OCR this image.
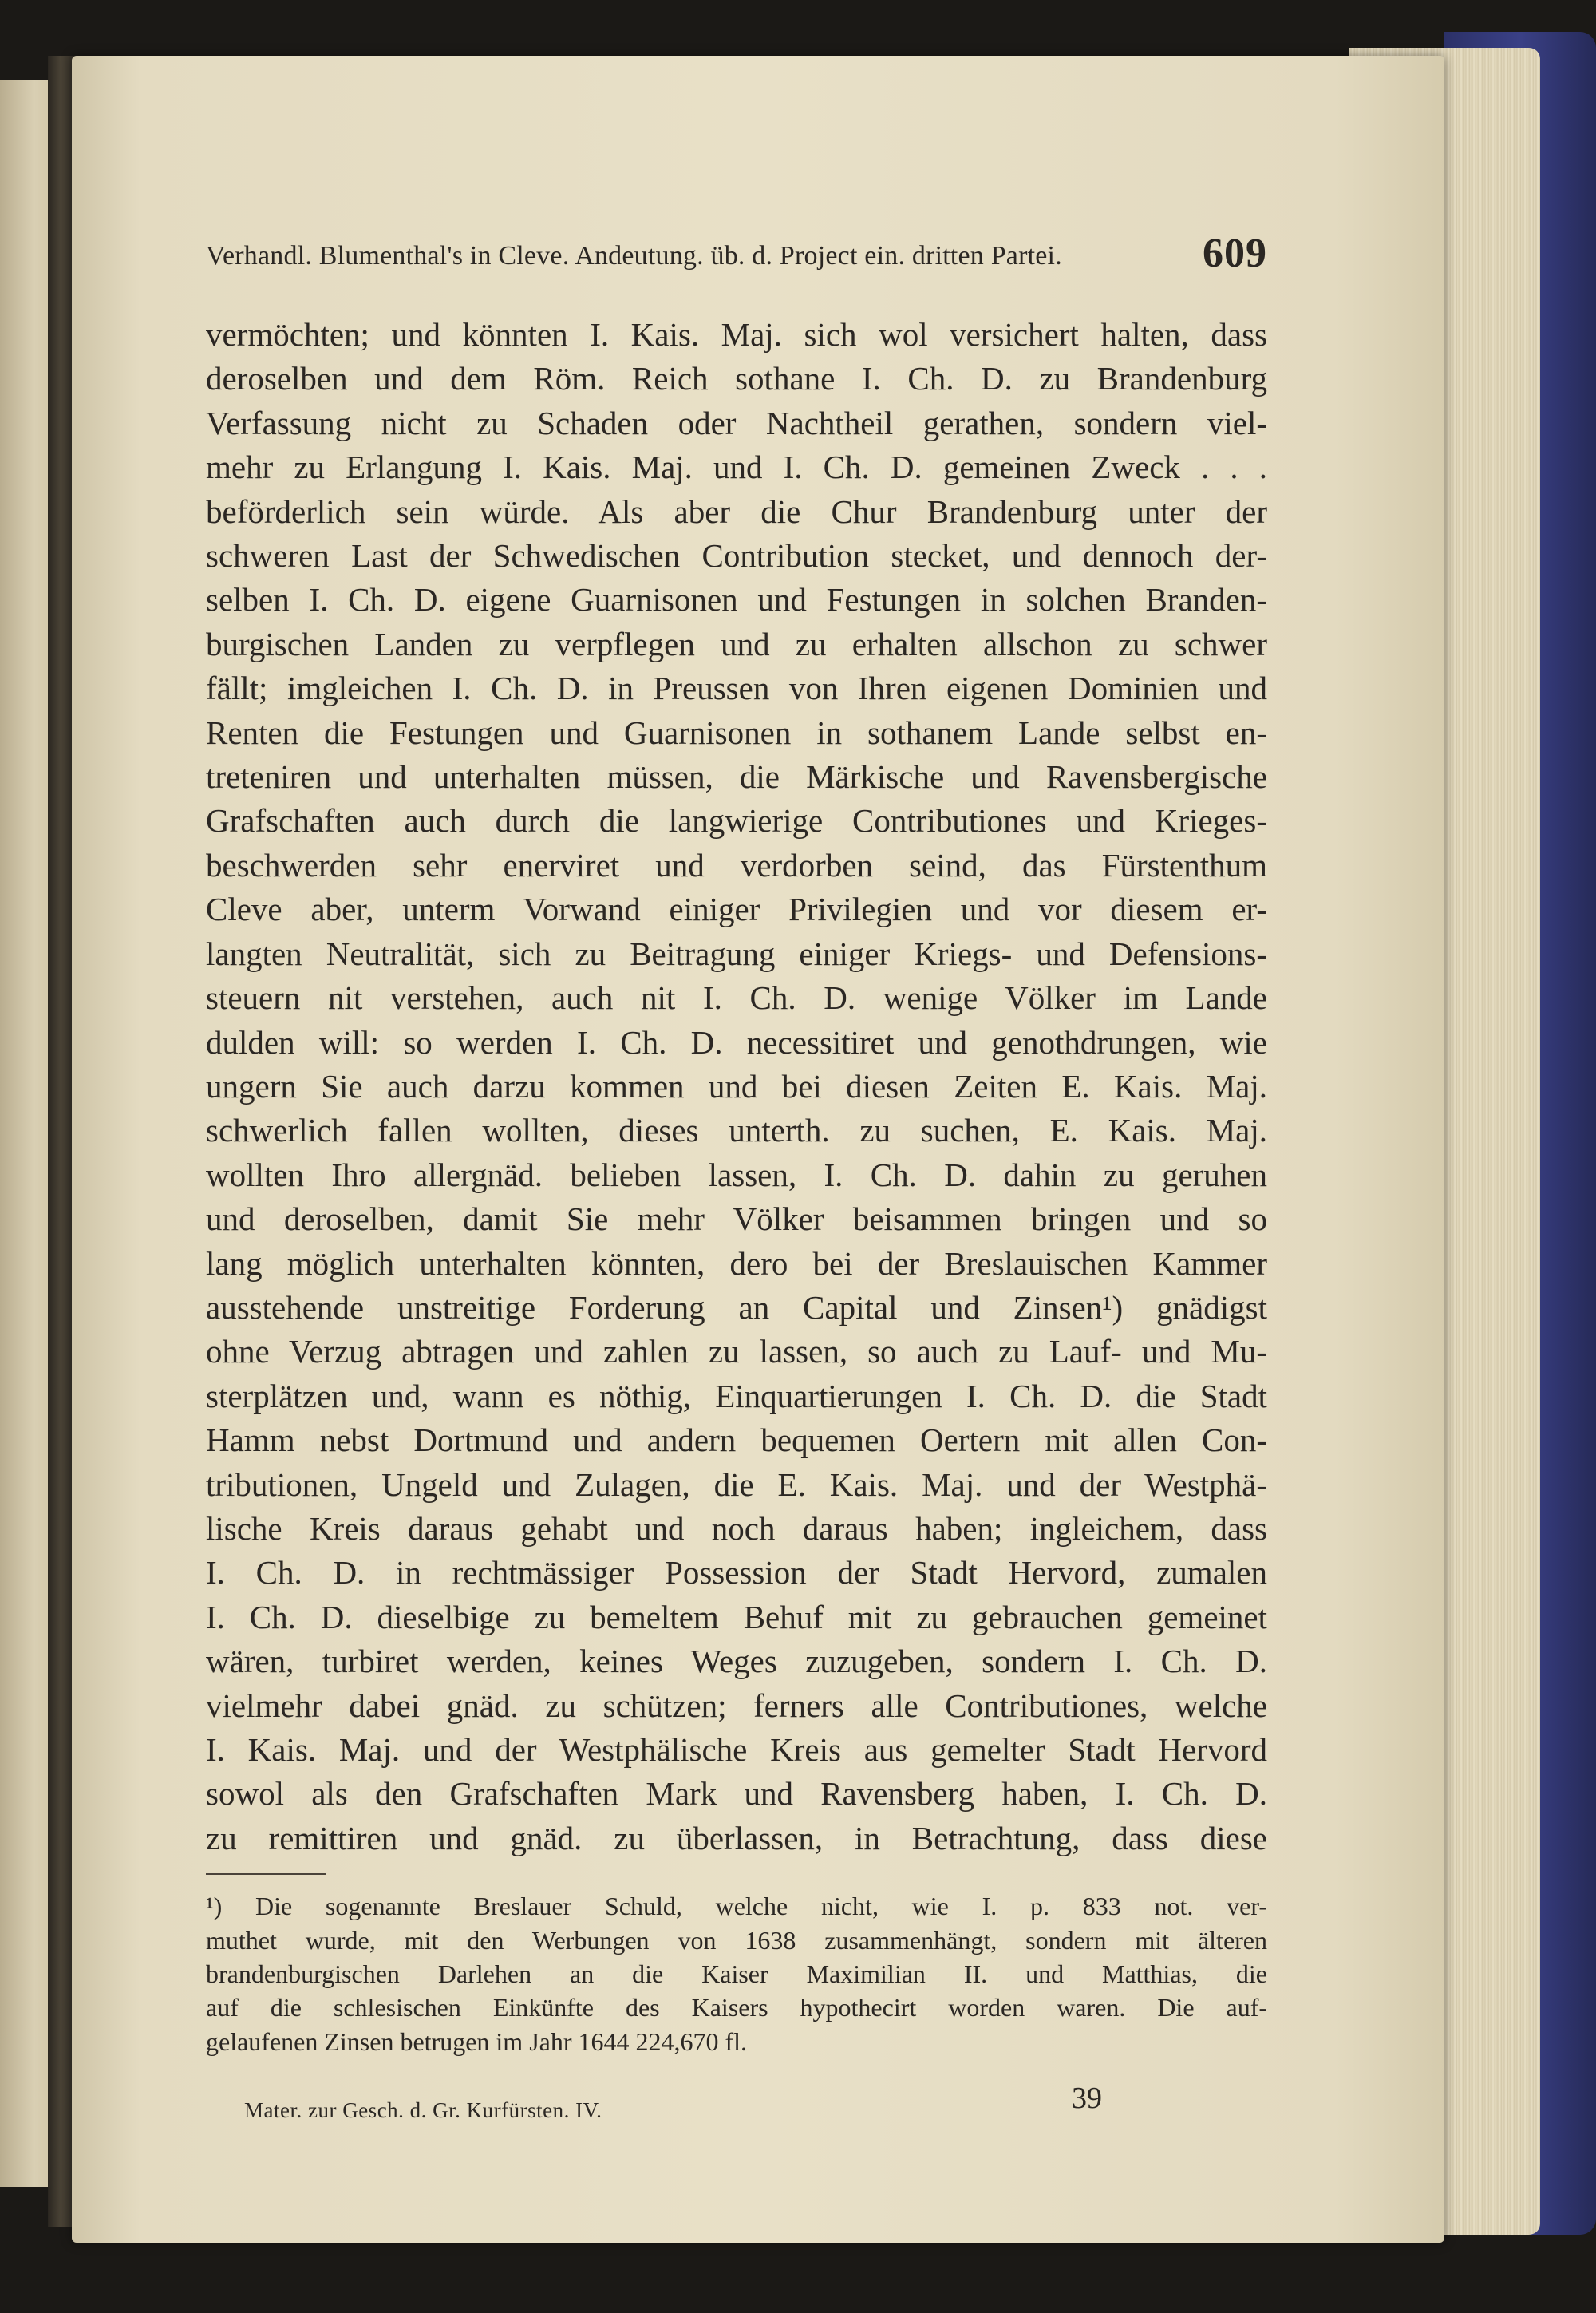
Verhandl. Blumenthal's in Cleve. Andeutung. üb. d. Project ein. dritten Partei.	609
vermöchten; und könnten I. Kais. Maj. sich wol versichert halten, dass
deroselben und dem Röm. Reich sothane I. Ch. D. zu Brandenburg
Verfassung nicht zu Schaden oder Nachtheil gerathen, sondern viel-
mehr zu Erlangung I. Kais. Maj. und I. Ch. D. gemeinen Zweck . . .
beförderlich sein würde. Als aber die Chur Brandenburg unter der
schweren Last der Schwedischen Contribution stecket, und dennoch der-
selben I. Ch. D. eigene Guarnisonen und Festungen in solchen Branden-
burgischen Landen zu verpflegen und zu erhalten allschon zu schwer
fällt; imgleichen I. Ch. D. in Preussen von Ihren eigenen Dominien und
Renten die Festungen und Guarnisonen in sothanem Lande selbst en-
treteniren und unterhalten müssen, die Märkische und Ravensbergische
Grafschaften auch durch die langwierige Contributiones und Krieges-
beschwerden sehr enerviret und verdorben seind, das Fürstenthum
Cleve aber, unterm Vorwand einiger Privilegien und vor diesem er-
langten Neutralität, sich zu Beitragung einiger Kriegs- und Defensions-
steuern nit verstehen, auch nit I. Ch. D. wenige Völker im Lande
dulden will: so werden I. Ch. D. necessitiret und genothdrungen, wie
ungern Sie auch darzu kommen und bei diesen Zeiten E. Kais. Maj.
schwerlich fallen wollten, dieses unterth. zu suchen, E. Kais. Maj.
wollten Ihro allergnäd. belieben lassen, I. Ch. D. dahin zu geruhen
und deroselben, damit Sie mehr Völker beisammen bringen und so
lang möglich unterhalten könnten, dero bei der Breslauischen Kammer
ausstehende unstreitige Forderung an Capital und Zinsen¹) gnädigst
ohne Verzug abtragen und zahlen zu lassen, so auch zu Lauf- und Mu-
sterplätzen und, wann es nöthig, Einquartierungen I. Ch. D. die Stadt
Hamm nebst Dortmund und andern bequemen Oertern mit allen Con-
tributionen, Ungeld und Zulagen, die E. Kais. Maj. und der Westphä-
lische Kreis daraus gehabt und noch daraus haben; ingleichem, dass
I. Ch. D. in rechtmässiger Possession der Stadt Hervord, zumalen
I. Ch. D. dieselbige zu bemeltem Behuf mit zu gebrauchen gemeinet
wären, turbiret werden, keines Weges zuzugeben, sondern I. Ch. D.
vielmehr dabei gnäd. zu schützen; ferners alle Contributiones, welche
I. Kais. Maj. und der Westphälische Kreis aus gemelter Stadt Hervord
sowol als den Grafschaften Mark und Ravensberg haben, I. Ch. D.
zu remittiren und gnäd. zu überlassen, in Betrachtung, dass diese
¹) Die sogenannte Breslauer Schuld, welche nicht, wie I. p. 833 not. ver-
muthet wurde, mit den Werbungen von 1638 zusammenhängt, sondern mit älteren
brandenburgischen Darlehen an die Kaiser Maximilian II. und Matthias, die
auf die schlesischen Einkünfte des Kaisers hypothecirt worden waren. Die auf-
gelaufenen Zinsen betrugen im Jahr 1644 224,670 fl.
Mater. zur Gesch. d. Gr. Kurfürsten. IV.	39
